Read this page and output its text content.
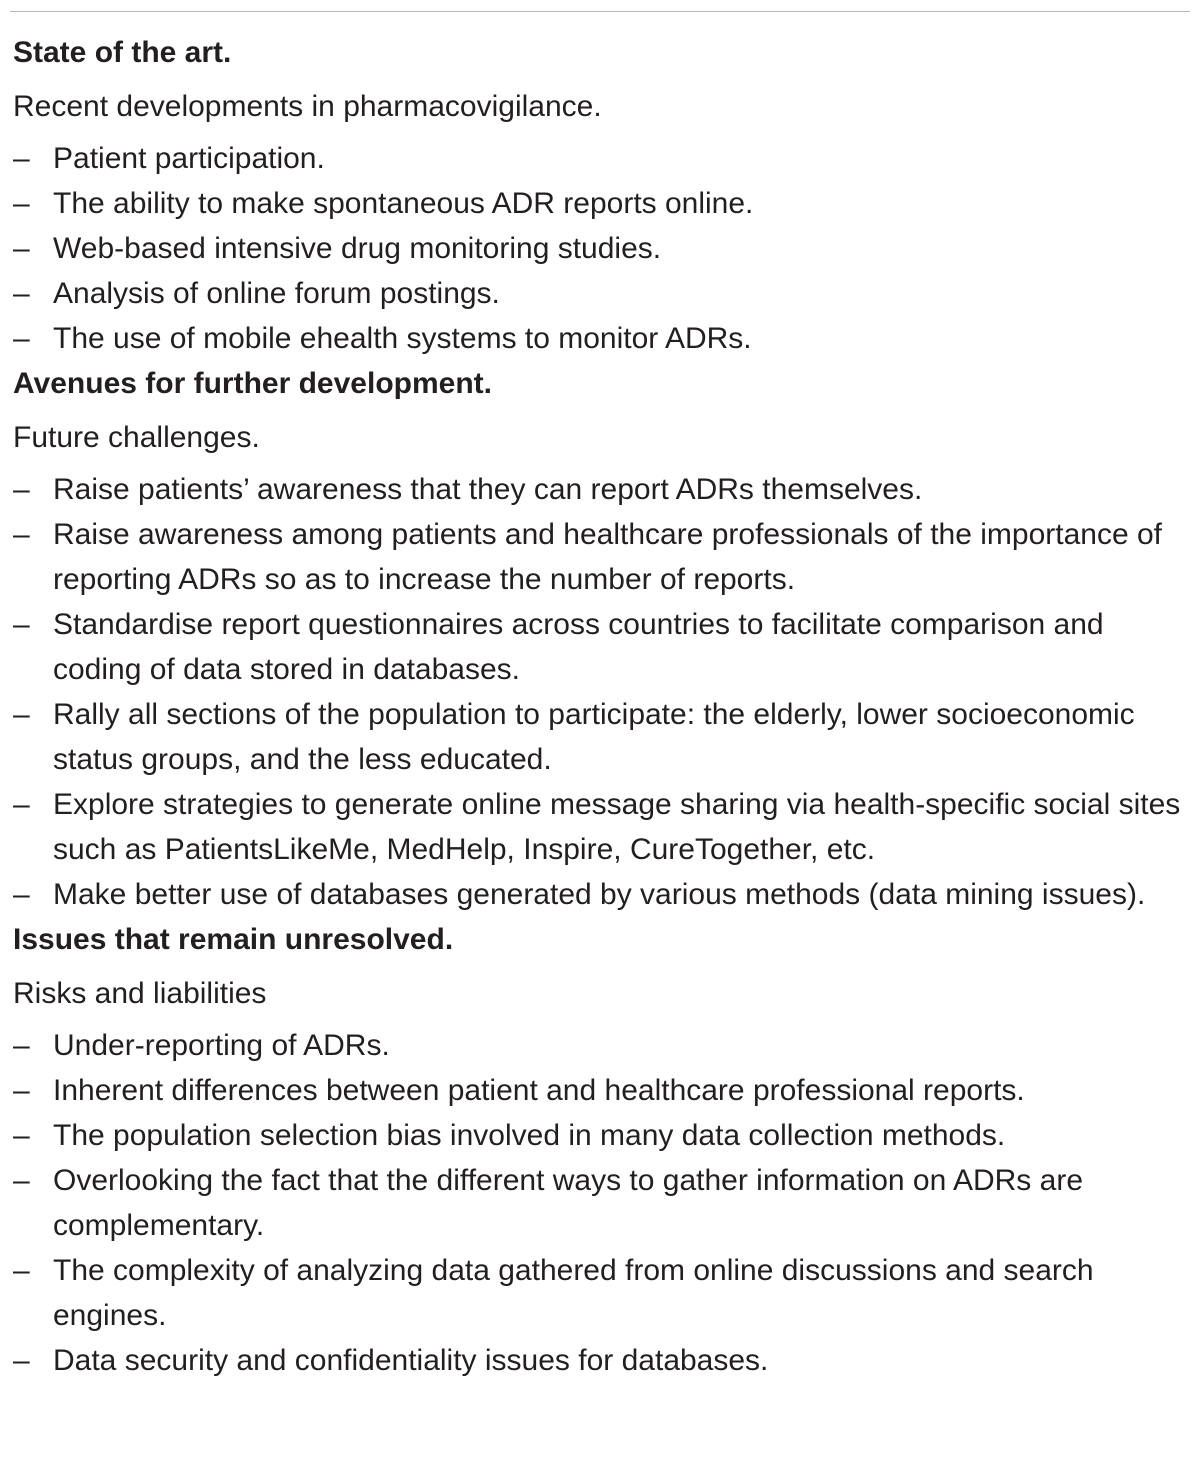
State of the art.
Recent developments in pharmacovigilance.
– Patient participation.
– The ability to make spontaneous ADR reports online.
– Web-based intensive drug monitoring studies.
– Analysis of online forum postings.
– The use of mobile ehealth systems to monitor ADRs.
Avenues for further development.
Future challenges.
– Raise patients’ awareness that they can report ADRs themselves.
– Raise awareness among patients and healthcare professionals of the importance of reporting ADRs so as to increase the number of reports.
– Standardise report questionnaires across countries to facilitate comparison and coding of data stored in databases.
– Rally all sections of the population to participate: the elderly, lower socioeconomic status groups, and the less educated.
– Explore strategies to generate online message sharing via health-specific social sites such as PatientsLikeMe, MedHelp, Inspire, CureTogether, etc.
– Make better use of databases generated by various methods (data mining issues).
Issues that remain unresolved.
Risks and liabilities
– Under-reporting of ADRs.
– Inherent differences between patient and healthcare professional reports.
– The population selection bias involved in many data collection methods.
– Overlooking the fact that the different ways to gather information on ADRs are complementary.
– The complexity of analyzing data gathered from online discussions and search engines.
– Data security and confidentiality issues for databases.
